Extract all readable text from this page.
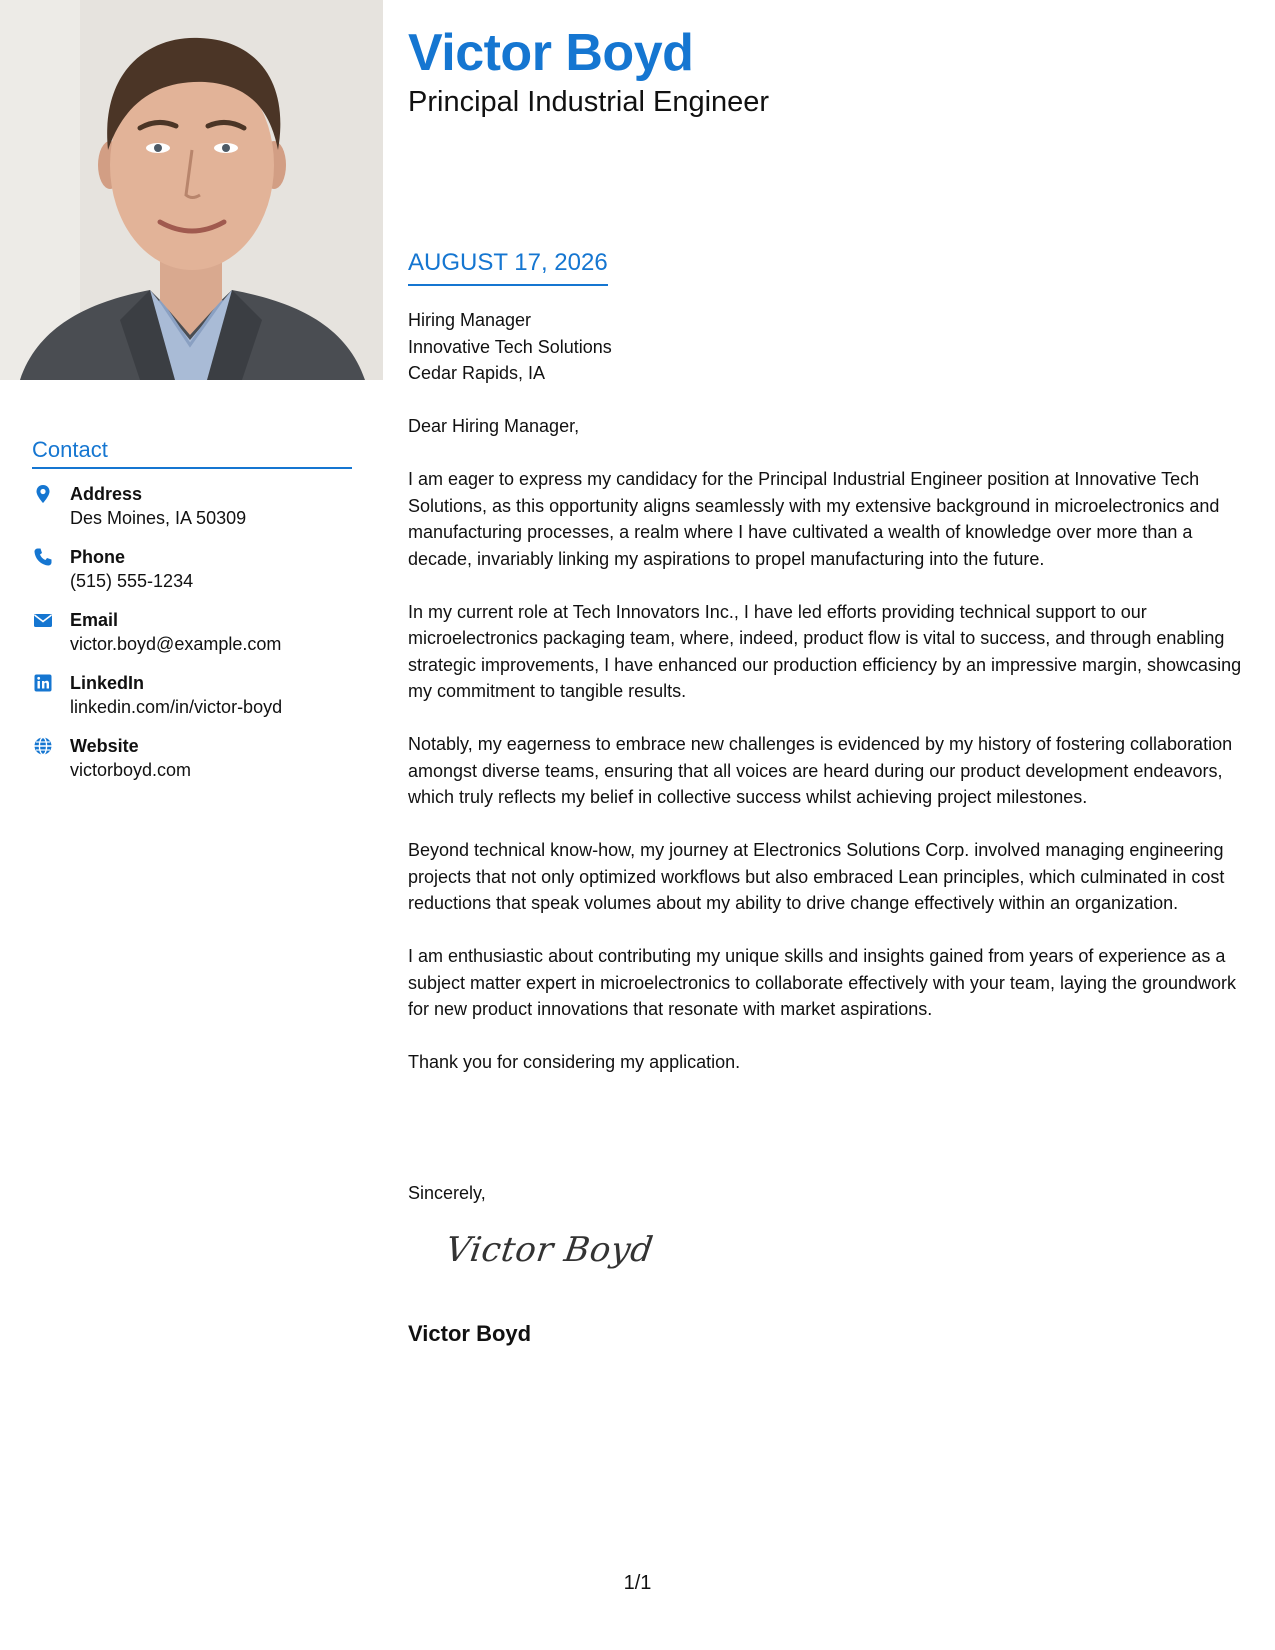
Contact
Address
Des Moines, IA 50309
Phone
(515) 555-1234
Email
victor.boyd@example.com
LinkedIn
linkedin.com/in/victor-boyd
Website
victorboyd.com
Victor Boyd
Principal Industrial Engineer
AUGUST 17, 2026
Hiring Manager
Innovative Tech Solutions
Cedar Rapids, IA

Dear Hiring Manager,

I am eager to express my candidacy for the Principal Industrial Engineer position at Innovative Tech Solutions, as this opportunity aligns seamlessly with my extensive background in microelectronics and manufacturing processes, a realm where I have cultivated a wealth of knowledge over more than a decade, invariably linking my aspirations to propel manufacturing into the future.

In my current role at Tech Innovators Inc., I have led efforts providing technical support to our microelectronics packaging team, where, indeed, product flow is vital to success, and through enabling strategic improvements, I have enhanced our production efficiency by an impressive margin, showcasing my commitment to tangible results.

Notably, my eagerness to embrace new challenges is evidenced by my history of fostering collaboration amongst diverse teams, ensuring that all voices are heard during our product development endeavors, which truly reflects my belief in collective success whilst achieving project milestones.

Beyond technical know-how, my journey at Electronics Solutions Corp. involved managing engineering projects that not only optimized workflows but also embraced Lean principles, which culminated in cost reductions that speak volumes about my ability to drive change effectively within an organization.

I am enthusiastic about contributing my unique skills and insights gained from years of experience as a subject matter expert in microelectronics to collaborate effectively with your team, laying the groundwork for new product innovations that resonate with market aspirations.

Thank you for considering my application.

Sincerely,
Victor Boyd
Victor Boyd
1/1
